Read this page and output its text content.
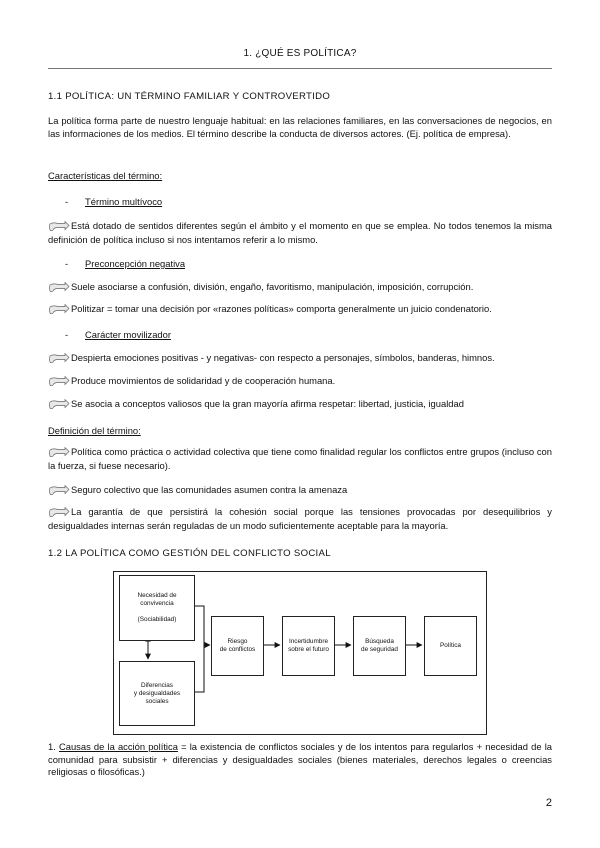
1. ¿QUÉ ES POLÍTICA?
1.1 POLÍTICA: UN TÉRMINO FAMILIAR Y CONTROVERTIDO
La política forma parte de nuestro lenguaje habitual: en las relaciones familiares, en las conversaciones de negocios, en las informaciones de los medios. El término describe la conducta de diversos actores. (Ej. política de empresa).
Características del término:
- Término multívoco
Está dotado de sentidos diferentes según el ámbito y el momento en que se emplea. No todos tenemos la misma definición de política incluso si nos intentamos referir a lo mismo.
- Preconcepción negativa
Suele asociarse a confusión, división, engaño, favoritismo, manipulación, imposición, corrupción.
Politizar = tomar una decisión por «razones políticas» comporta generalmente un juicio condenatorio.
- Carácter movilizador
Despierta emociones positivas - y negativas- con respecto a personajes, símbolos, banderas, himnos.
Produce movimientos de solidaridad y de cooperación humana.
Se asocia a conceptos valiosos que la gran mayoría afirma respetar: libertad, justicia, igualdad
Definición del término:
Política como práctica o actividad colectiva que tiene como finalidad regular los conflictos entre grupos (incluso con la fuerza, si fuese necesario).
Seguro colectivo que las comunidades asumen contra la amenaza
La garantía de que persistirá la cohesión social porque las tensiones provocadas por desequilibrios y desigualdades internas serán reguladas de un modo suficientemente aceptable para la mayoría.
1.2 LA POLÍTICA COMO GESTIÓN DEL CONFLICTO SOCIAL
Necesidad de
convivencia
(Sociabilidad)
Diferencias
y desigualdades
sociales
Riesgo
de conflictos
Incertidumbre
sobre el futuro
Búsqueda
de seguridad
Política
1. Causas de la acción política = la existencia de conflictos sociales y de los intentos para regularlos + necesidad de la comunidad para subsistir + diferencias y desigualdades sociales (bienes materiales, derechos legales o creencias religiosas o filosóficas.)
2
